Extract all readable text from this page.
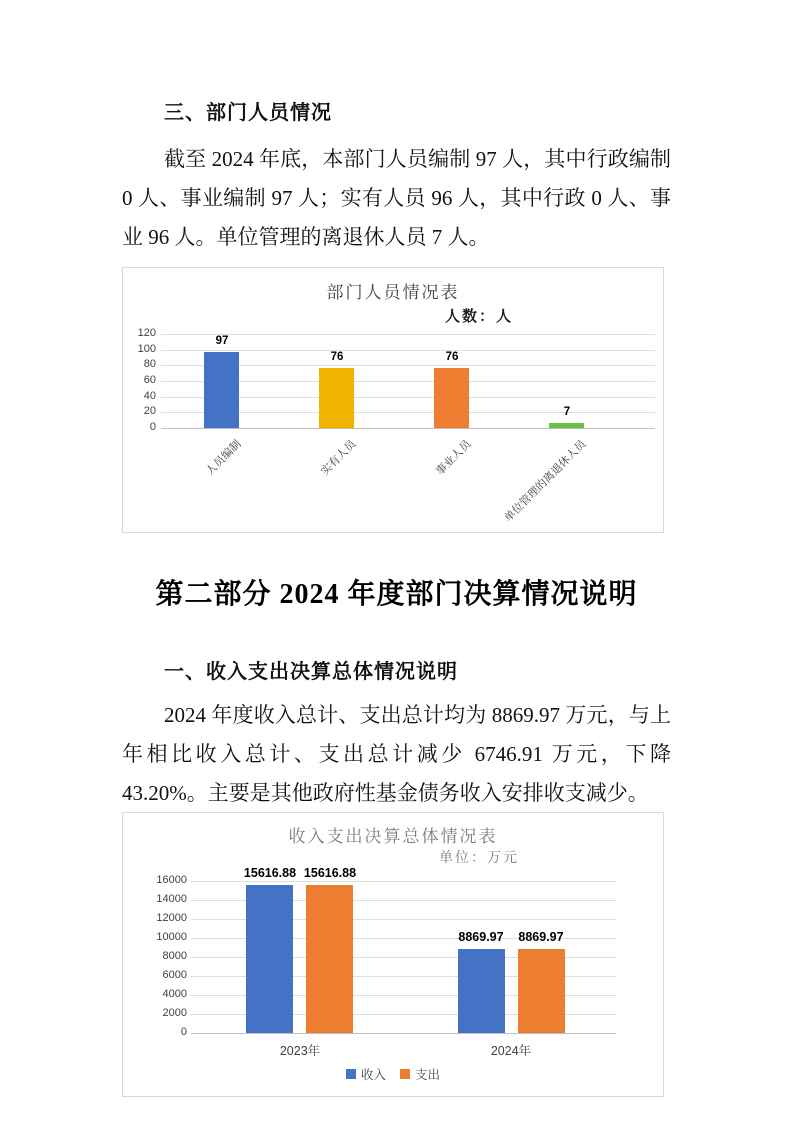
三、部门人员情况

截至 2024 年底，本部门人员编制 97 人，其中行政编制 0 人、事业编制 97 人；实有人员 96 人，其中行政 0 人、事业 96 人。单位管理的离退休人员 7 人。

部门人员情况表
人数：人
0
20
40
60
80
100
120
97
76	76
7
人员编制	实有人员	事业人员	单位管理的离退休人员
第二部分 2024 年度部门决算情况说明
一、收入支出决算总体情况说明

2024 年度收入总计、支出总计均为 8869.97 万元，与上年相比收入总计、支出总计减少 6746.91 万元，下降 43.20%。主要是其他政府性基金债务收入安排收支减少。

收入支出决算总体情况表
单位：万元
0
2000
4000
6000
8000
10000
12000
14000
16000	15616.88 15616.88
8869.97	8869.97
2023年	2024年
收入 支出
